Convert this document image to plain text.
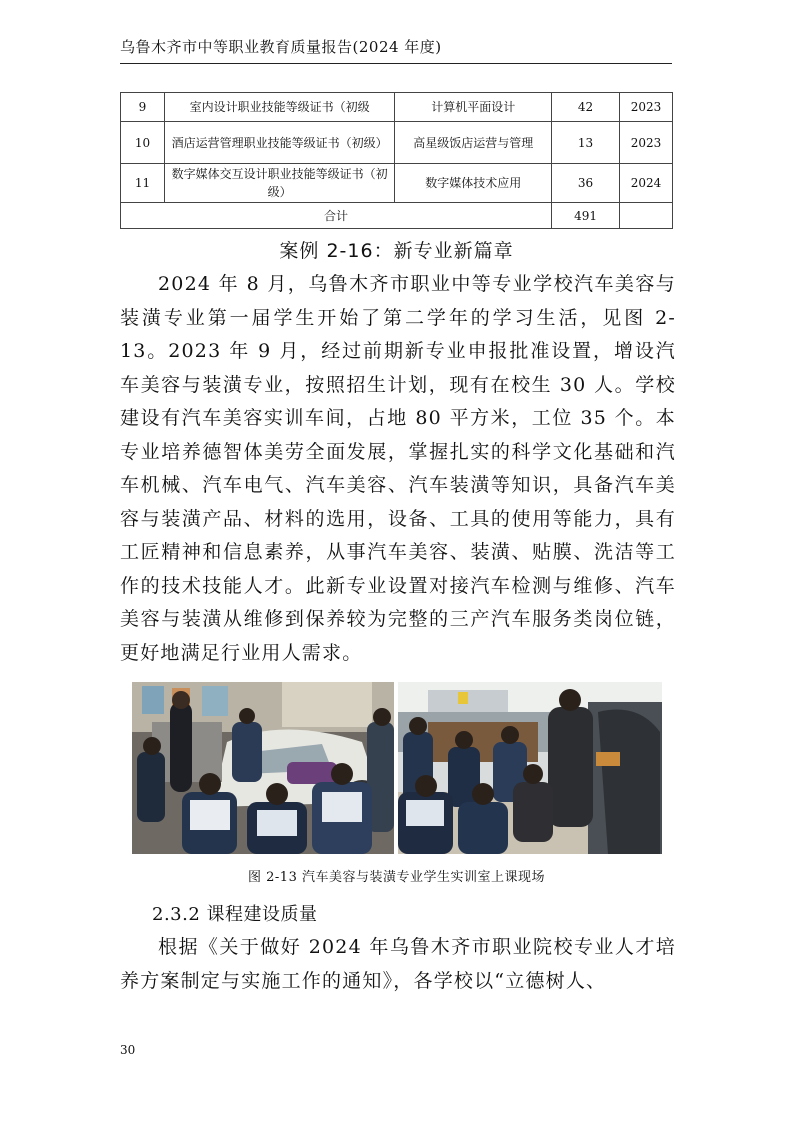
乌鲁木齐市中等职业教育质量报告(2024 年度)
9	室内设计职业技能等级证书（初级	计算机平面设计	42	2023
10	酒店运营管理职业技能等级证书（初级）	高星级饭店运营与管理	13	2023
11	数字媒体交互设计职业技能等级证书（初级）	数字媒体技术应用	36	2024
合计			491	
案例 2-16：新专业新篇章

2024 年 8 月，乌鲁木齐市职业中等专业学校汽车美容与装潢专业第一届学生开始了第二学年的学习生活，见图 2-13。2023 年 9 月，经过前期新专业申报批准设置，增设汽车美容与装潢专业，按照招生计划，现有在校生 30 人。学校建设有汽车美容实训车间，占地 80 平方米，工位 35 个。本专业培养德智体美劳全面发展，掌握扎实的科学文化基础和汽车机械、汽车电气、汽车美容、汽车装潢等知识，具备汽车美容与装潢产品、材料的选用，设备、工具的使用等能力，具有工匠精神和信息素养，从事汽车美容、装潢、贴膜、洗洁等工作的技术技能人才。此新专业设置对接汽车检测与维修、汽车美容与装潢从维修到保养较为完整的三产汽车服务类岗位链，更好地满足行业用人需求。

图 2-13 汽车美容与装潢专业学生实训室上课现场
2.3.2 课程建设质量

根据《关于做好 2024 年乌鲁木齐市职业院校专业人才培养方案制定与实施工作的通知》，各学校以“立德树人、

30
